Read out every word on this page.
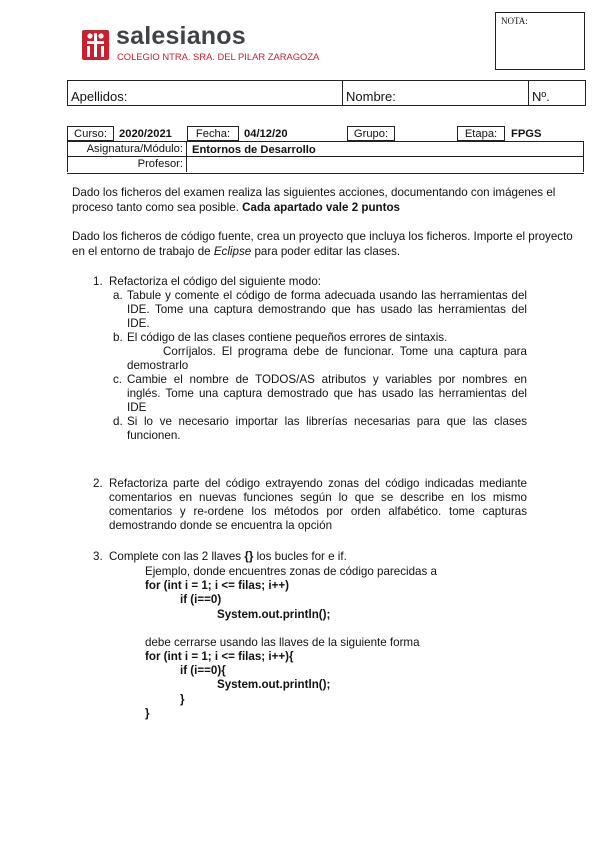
salesianos
COLEGIO NTRA. SRA. DEL PILAR ZARAGOZA
NOTA:
Apellidos:	Nombre:	Nº.
Curso:	2020/2021	Fecha:	04/12/20	Grupo:	Etapa:	FPGS
Asignatura/Módulo: Entornos de Desarrollo
Profesor:
Dado los ficheros del examen realiza las siguientes acciones, documentando con imágenes el proceso tanto como sea posible. Cada apartado vale 2 puntos
Dado los ficheros de código fuente, crea un proyecto que incluya los ficheros. Importe el proyecto en el entorno de trabajo de Eclipse para poder editar las clases.
1. Refactoriza el código del siguiente modo:
a. Tabule y comente el código de forma adecuada usando las herramientas del IDE. Tome una captura demostrando que has usado las herramientas del IDE.
b. El código de las clases contiene pequeños errores de sintaxis.
Corríjalos. El programa debe de funcionar. Tome una captura para demostrarlo
c. Cambie el nombre de TODOS/AS atributos y variables por nombres en inglés. Tome una captura demostrado que has usado las herramientas del IDE
d. Si lo ve necesario importar las librerías necesarias para que las clases funcionen.
2. Refactoriza parte del código extrayendo zonas del código indicadas mediante comentarios en nuevas funciones según lo que se describe en los mismo comentarios y re-ordene los métodos por orden alfabético. tome capturas demostrando donde se encuentra la opción
3. Complete con las 2 llaves {} los bucles for e if.
Ejemplo, donde encuentres zonas de código parecidas a
for (int i = 1; i <= filas; i++)
if (i==0)
System.out.println();
debe cerrarse usando las llaves de la siguiente forma
for (int i = 1; i <= filas; i++){
if (i==0){
System.out.println();
}
}
